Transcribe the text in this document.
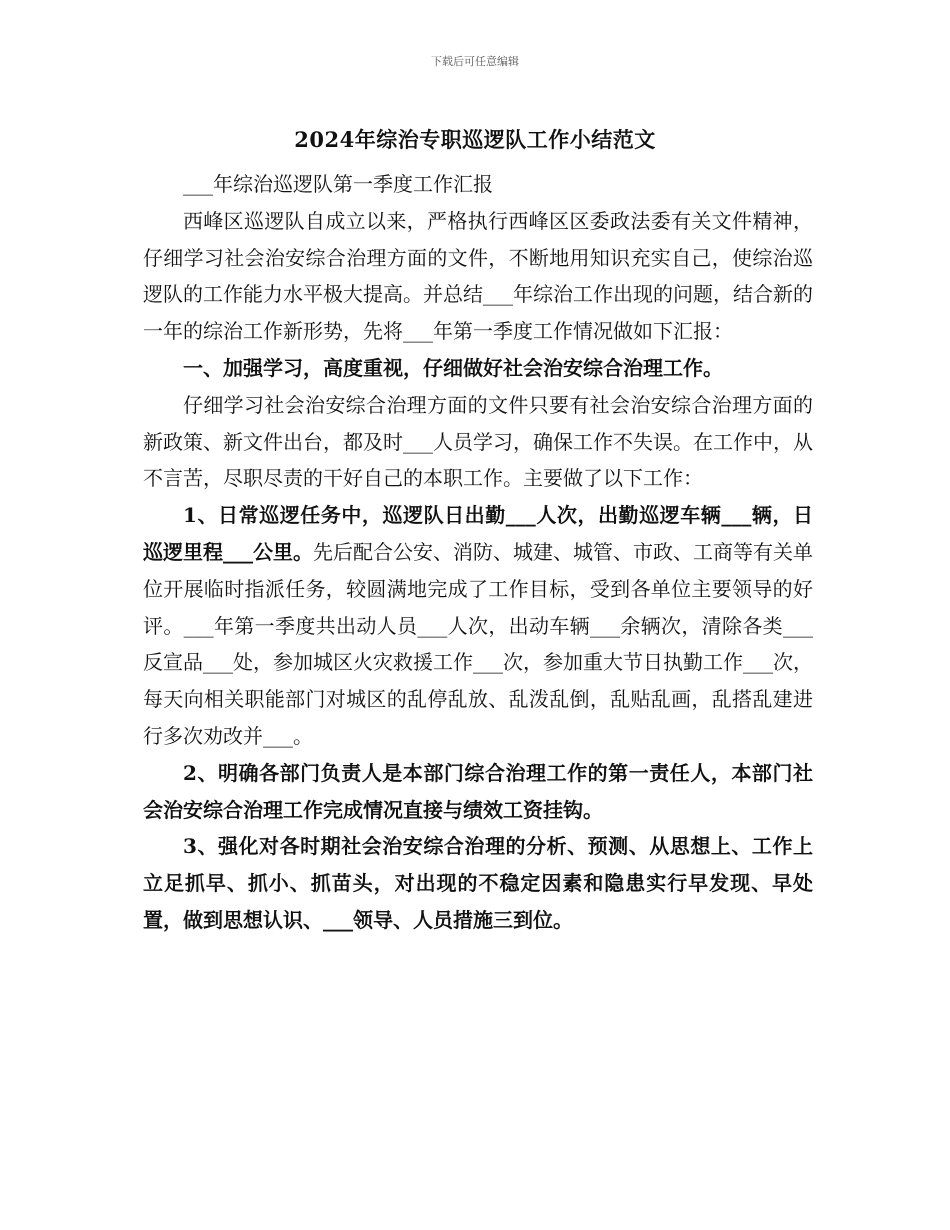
下载后可任意编辑
2024年综治专职巡逻队工作小结范文

___年综治巡逻队第一季度工作汇报

西峰区巡逻队自成立以来，严格执行西峰区区委政法委有关文件精神，仔细学习社会治安综合治理方面的文件，不断地用知识充实自己，使综治巡逻队的工作能力水平极大提高。并总结___年综治工作出现的问题，结合新的一年的综治工作新形势，先将___年第一季度工作情况做如下汇报：

一、加强学习，高度重视，仔细做好社会治安综合治理工作。

仔细学习社会治安综合治理方面的文件只要有社会治安综合治理方面的新政策、新文件出台，都及时___人员学习，确保工作不失误。在工作中，从不言苦，尽职尽责的干好自己的本职工作。主要做了以下工作：

1、日常巡逻任务中，巡逻队日出勤___人次，出勤巡逻车辆___辆，日巡逻里程___公里。先后配合公安、消防、城建、城管、市政、工商等有关单位开展临时指派任务，较圆满地完成了工作目标，受到各单位主要领导的好评。___年第一季度共出动人员___人次，出动车辆___余辆次，清除各类___反宣品___处，参加城区火灾救援工作___次，参加重大节日执勤工作___次，每天向相关职能部门对城区的乱停乱放、乱泼乱倒，乱贴乱画，乱搭乱建进行多次劝改并___。

2、明确各部门负责人是本部门综合治理工作的第一责任人，本部门社会治安综合治理工作完成情况直接与绩效工资挂钩。

3、强化对各时期社会治安综合治理的分析、预测、从思想上、工作上立足抓早、抓小、抓苗头，对出现的不稳定因素和隐患实行早发现、早处置，做到思想认识、___领导、人员措施三到位。
